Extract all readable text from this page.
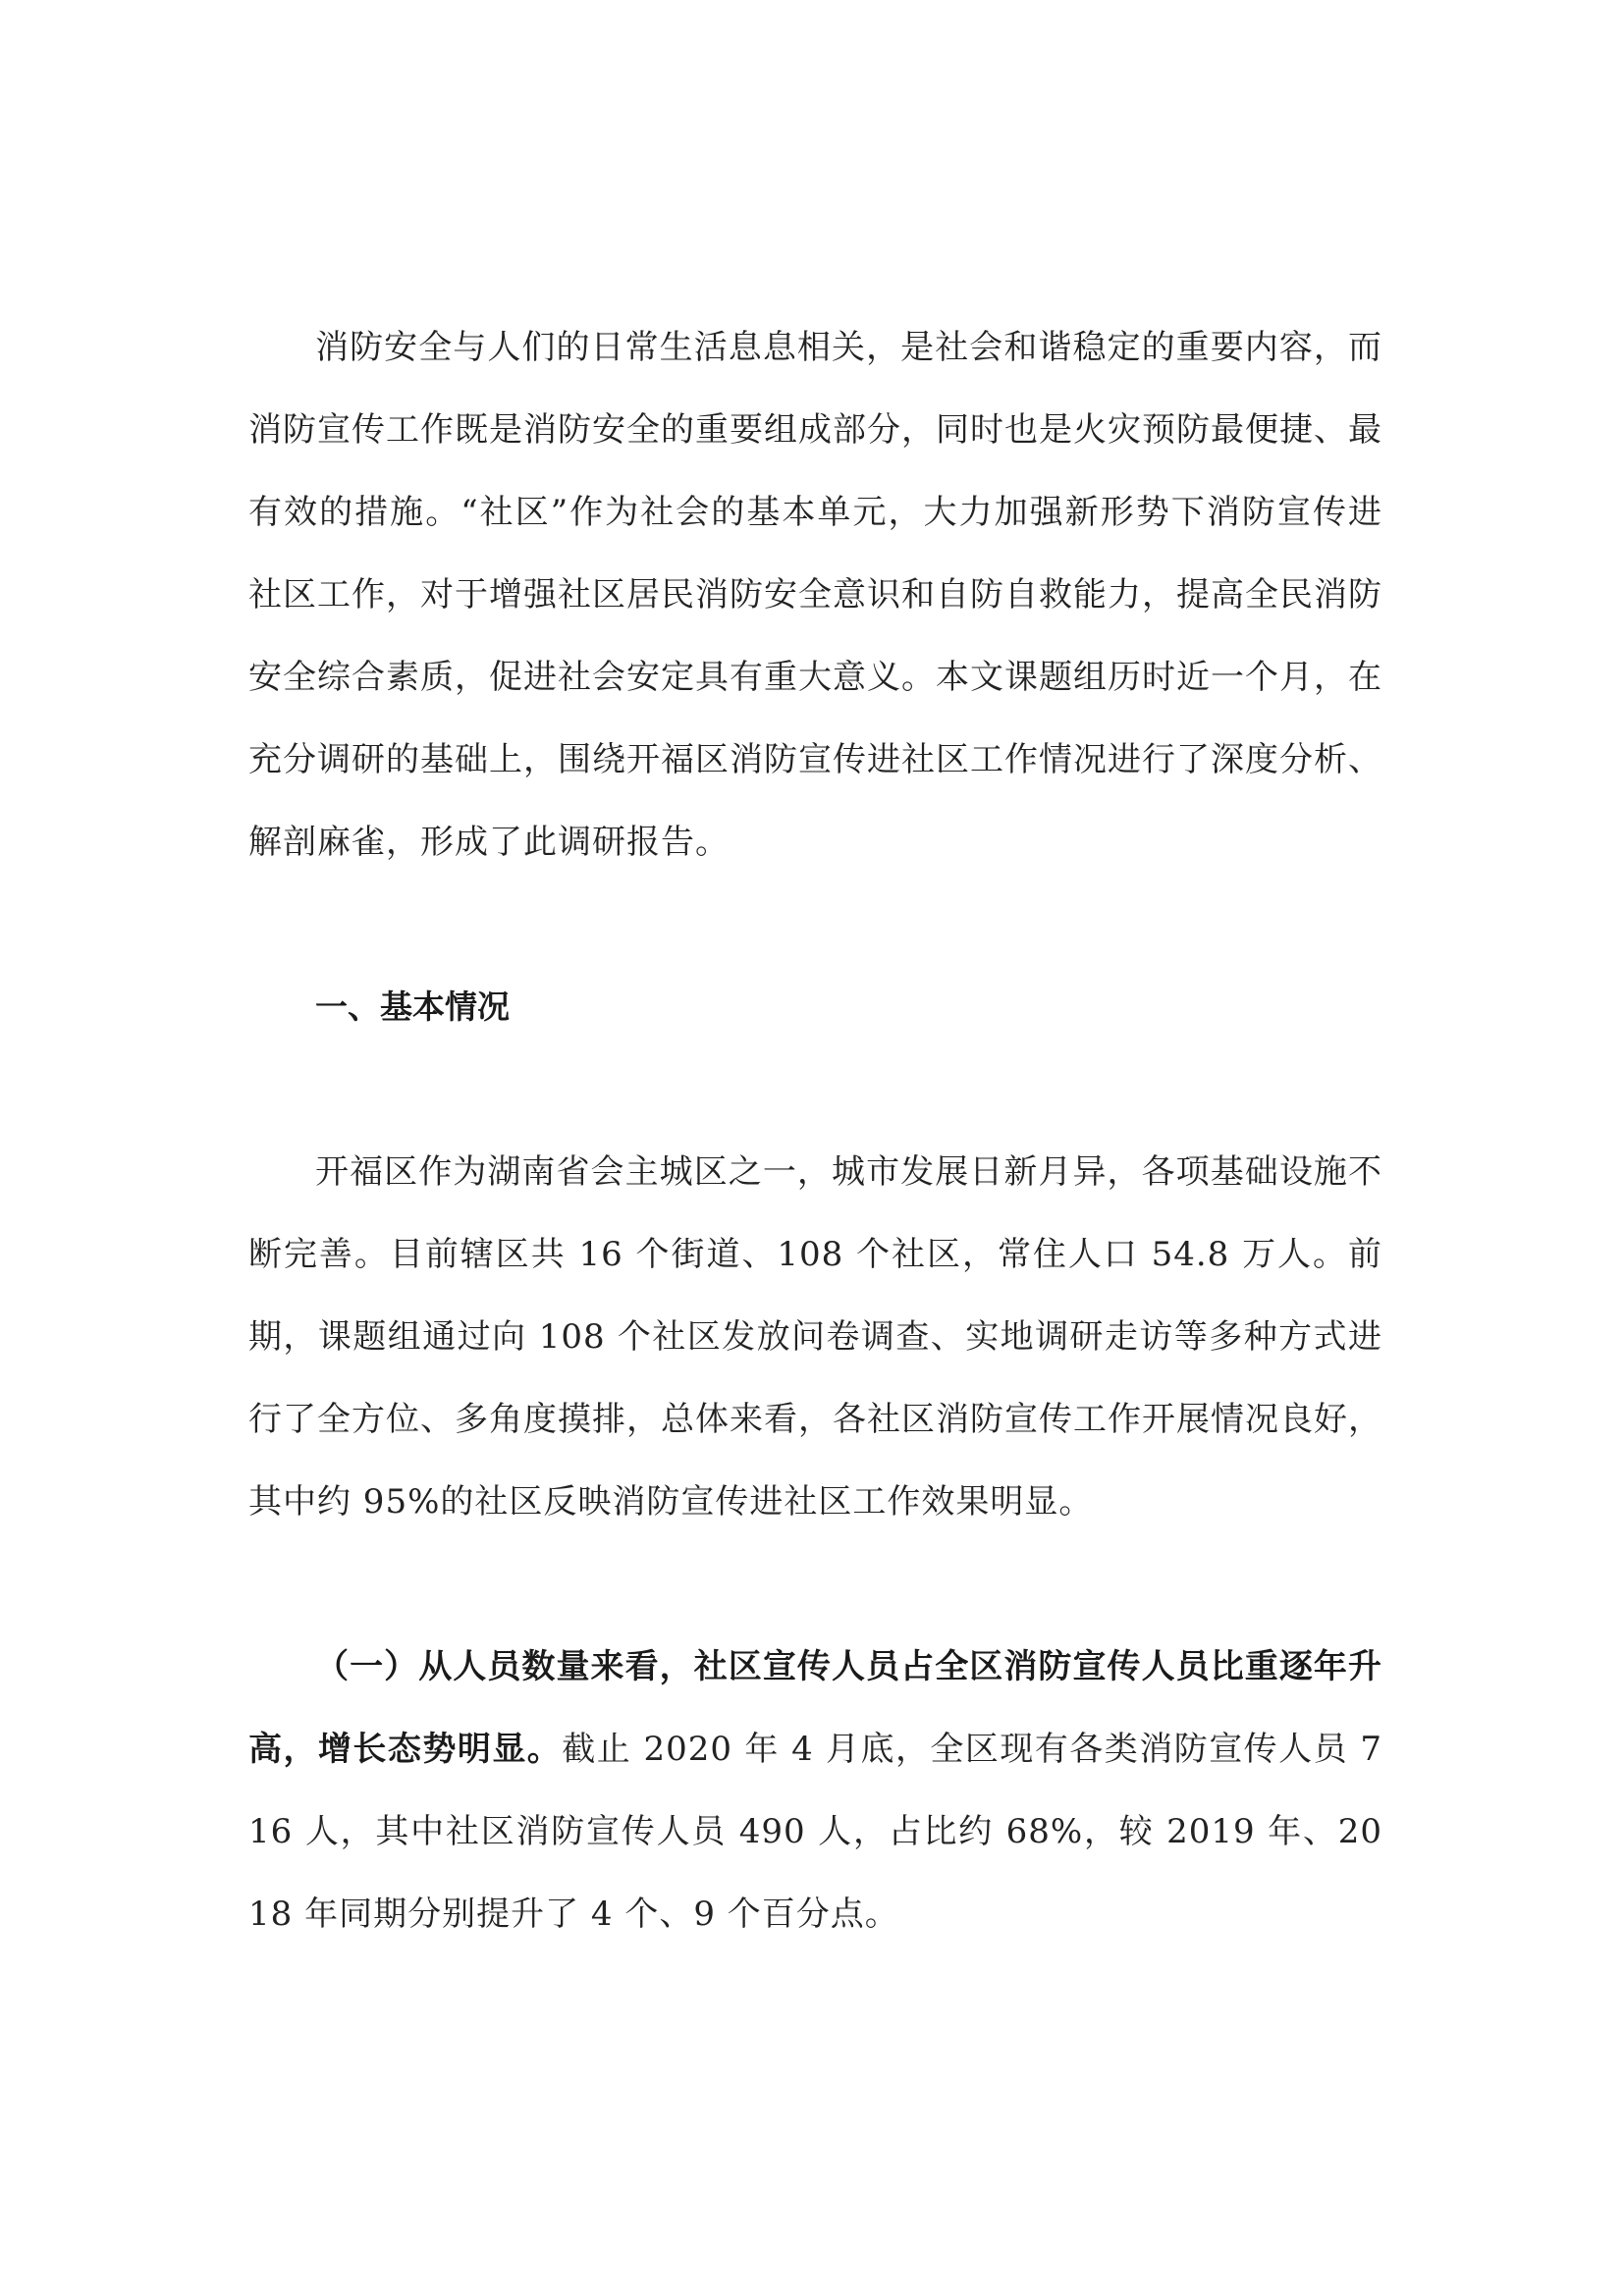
消防安全与人们的日常生活息息相关，是社会和谐稳定的重要内容，而消防宣传工作既是消防安全的重要组成部分，同时也是火灾预防最便捷、最有效的措施。“社区”作为社会的基本单元，大力加强新形势下消防宣传进社区工作，对于增强社区居民消防安全意识和自防自救能力，提高全民消防安全综合素质，促进社会安定具有重大意义。本文课题组历时近一个月，在充分调研的基础上，围绕开福区消防宣传进社区工作情况进行了深度分析、解剖麻雀，形成了此调研报告。

一、基本情况

开福区作为湖南省会主城区之一，城市发展日新月异，各项基础设施不断完善。目前辖区共 16 个街道、108 个社区，常住人口 54.8 万人。前期，课题组通过向 108 个社区发放问卷调查、实地调研走访等多种方式进行了全方位、多角度摸排，总体来看，各社区消防宣传工作开展情况良好，其中约 95%的社区反映消防宣传进社区工作效果明显。

（一）从人员数量来看，社区宣传人员占全区消防宣传人员比重逐年升高，增长态势明显。截止 2020 年 4 月底，全区现有各类消防宣传人员 716 人，其中社区消防宣传人员 490 人，占比约 68%，较 2019 年、2018 年同期分别提升了 4 个、9 个百分点。
